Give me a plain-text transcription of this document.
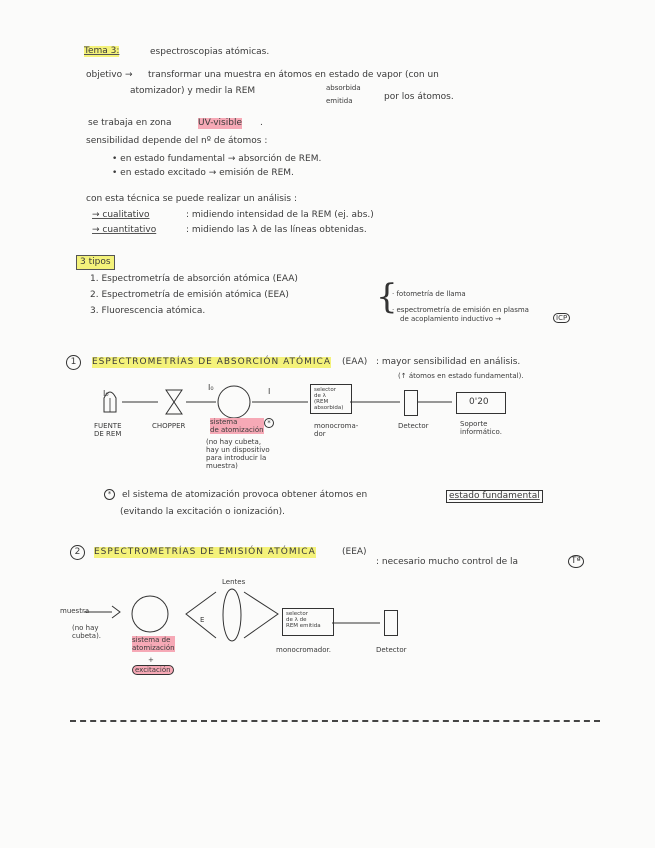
Tema 3:	espectroscopias atómicas.
objetivo → transformar una muestra en átomos en estado de vapor (con un
atomizador) y medir la REM	absorbida
emitida	por los átomos.
se trabaja en zona	UV-visible .
sensibilidad depende del nº de átomos :
• en estado fundamental → absorción de REM.
• en estado excitado → emisión de REM.
con esta técnica se puede realizar un análisis :
→ cualitativo	: midiendo intensidad de la REM (ej. abs.)
→ cuantitativo	: midiendo las λ de las líneas obtenidas.
3 tipos
1. Espectrometría de absorción atómica (EAA)
2. Espectrometría de emisión atómica (EEA)
3. Fluorescencia atómica.	{
· fotometría de llama
· espectrometría de emisión en plasma
de acoplamiento inductivo →	ICP
1	ESPECTROMETRÍAS DE ABSORCIÓN ATÓMICA (EAA) : mayor sensibilidad en análisis.
(↑ átomos en estado fundamental).
I₀
I₀	I	selector
de λ
(REM
absorbida)
0'20
FUENTE
DE REM
CHOPPER	sistema
de atomización
*
(no hay cubeta,
hay un dispositivo
para introducir la
muestra)
monocroma-
dor
Detector	Soporte
informático.
*	el sistema de atomización provoca obtener átomos en	estado fundamental
(evitando la excitación o ionización).
2	ESPECTROMETRÍAS DE EMISIÓN ATÓMICA	(EEA)
: necesario mucho control de la	Tª
Lentes
E
muestra
(no hay
cubeta).	sistema de
atomización
+
excitación
selector
de λ de
REM emitida
monocromador.	Detector
